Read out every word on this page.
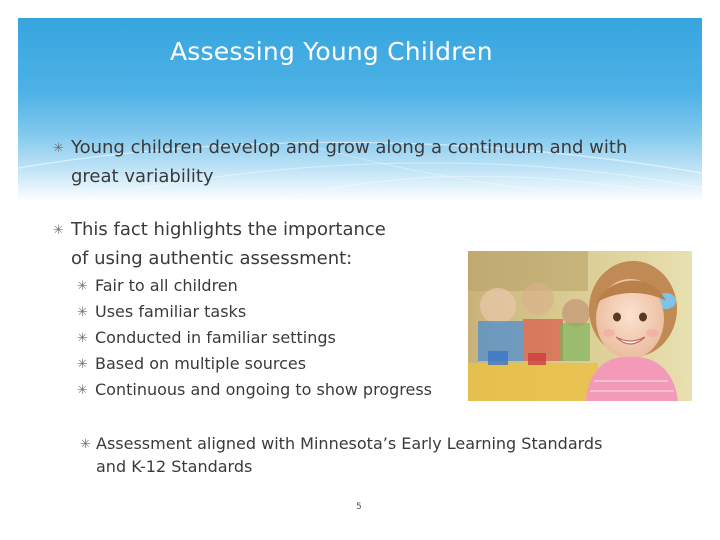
Assessing Young Children
✳ Young children develop and grow along a continuum and with
great variability
✳ This fact highlights the importance
of using authentic assessment:
✳ Fair to all children
✳ Uses familiar tasks
✳ Conducted in familiar settings
✳ Based on multiple sources
✳ Continuous and ongoing to show progress
✳ Assessment aligned with Minnesota’s Early Learning Standards
and K-12 Standards
5
